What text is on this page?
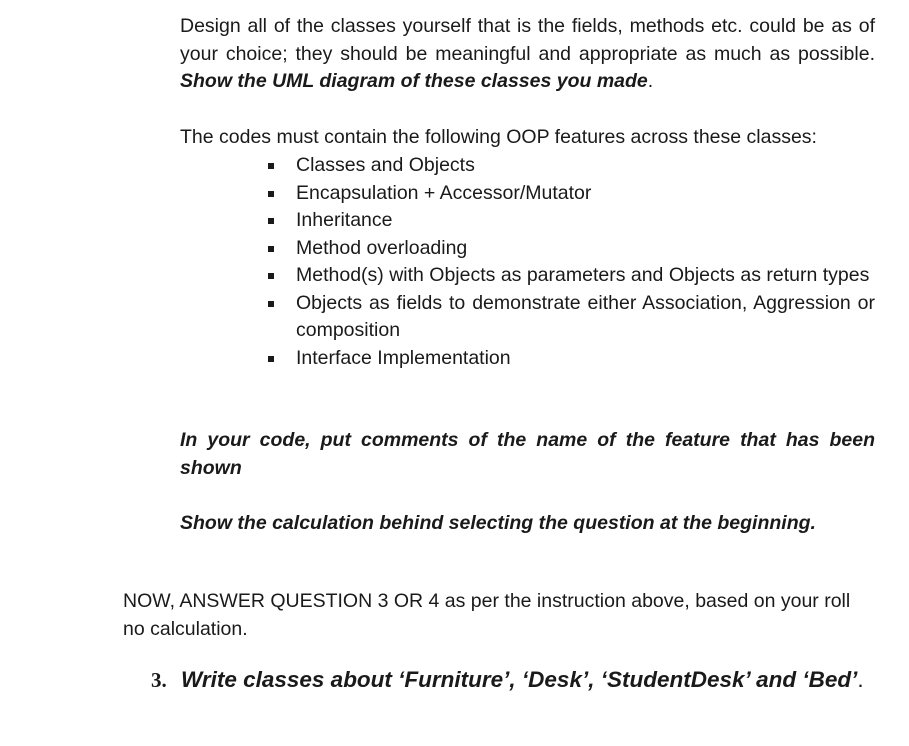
Design all of the classes yourself that is the fields, methods etc. could be as of your choice; they should be meaningful and appropriate as much as possible. Show the UML diagram of these classes you made.

The codes must contain the following OOP features across these classes:

Classes and Objects
Encapsulation + Accessor/Mutator
Inheritance
Method overloading
Method(s) with Objects as parameters and Objects as return types
Objects as fields to demonstrate either Association, Aggression or composition
Interface Implementation

In your code, put comments of the name of the feature that has been shown

Show the calculation behind selecting the question at the beginning.

NOW, ANSWER QUESTION 3 OR 4 as per the instruction above, based on your roll no calculation.

3. Write classes about ‘Furniture’, ‘Desk’, ‘StudentDesk’ and ‘Bed’.
